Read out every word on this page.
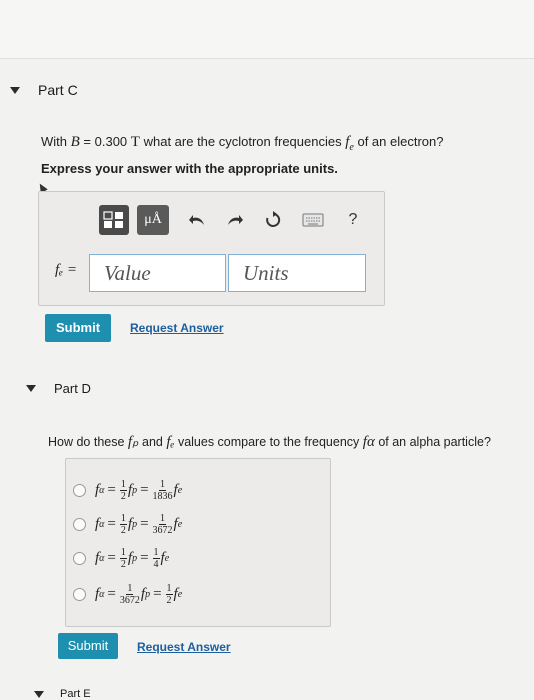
Part C
With B = 0.300 T what are the cyclotron frequencies $f_e$ of an electron?
Express your answer with the appropriate units.
μÅ	?
fₑ =	Value	Units
Submit	Request Answer
Part D
How do these fₚ and fₑ values compare to the frequency fα of an alpha particle?
f $\alpha = \frac{1}{2}$ f $p = \frac{1}{1836}$ f e
f $\alpha = \frac{1}{2}$ f $p = \frac{1}{3672}$ f e
f $\alpha = \frac{1}{2}$ f $p = \frac{1}{4}$ f e
f $\alpha = \frac{1}{3672}$ f $p = \frac{1}{2}$ f e
Submit	Request Answer
Part E
